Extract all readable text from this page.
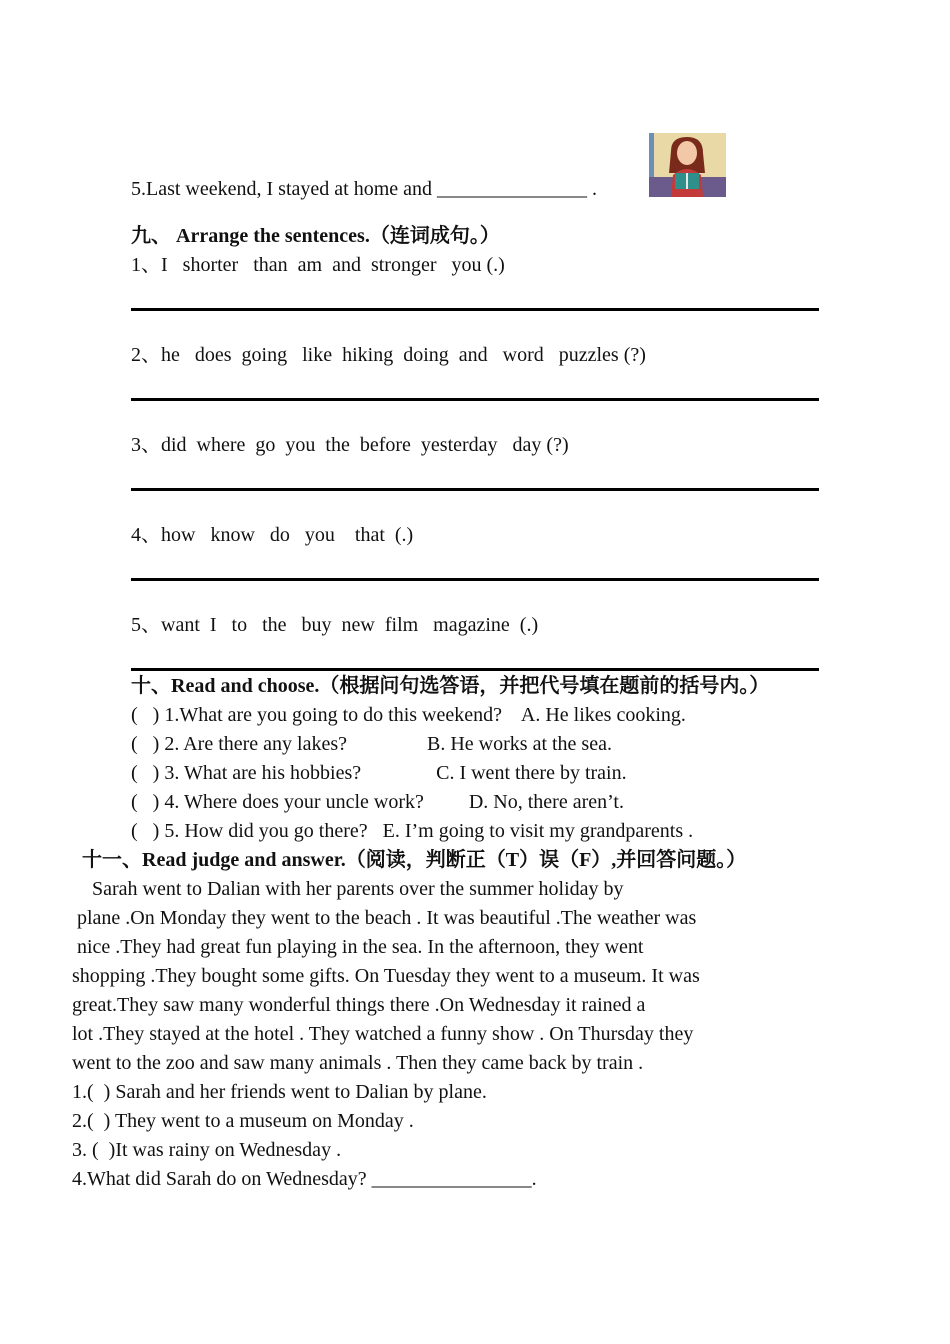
5.Last weekend, I stayed at home and _______________ .
九、 Arrange the sentences.（连词成句。）
1、I   shorter   than  am  and  stronger   you (.)
2、he   does  going   like  hiking  doing  and   word   puzzles (?)
3、did  where  go  you  the  before  yesterday   day (?)
4、how   know   do   you    that  (.)
5、want  I   to   the   buy  new  film   magazine  (.)
十、Read and choose.（根据问句选答语，并把代号填在题前的括号内。）
(   ) 1.What are you going to do this weekend?    A. He likes cooking.
(   ) 2. Are there any lakes?                B. He works at the sea.
(   ) 3. What are his hobbies?               C. I went there by train.
(   ) 4. Where does your uncle work?         D. No, there aren’t.
(   ) 5. How did you go there?   E. I’m going to visit my grandparents .
十一、Read judge and answer.（阅读，判断正（T）误（F）,并回答问题。）
Sarah went to Dalian with her parents over the summer holiday by
plane .On Monday they went to the beach . It was beautiful .The weather was
nice .They had great fun playing in the sea. In the afternoon, they went
shopping .They bought some gifts. On Tuesday they went to a museum. It was
great.They saw many wonderful things there .On Wednesday it rained a
lot .They stayed at the hotel . They watched a funny show . On Thursday they
went to the zoo and saw many animals . Then they came back by train .
1.(  ) Sarah and her friends went to Dalian by plane.
2.(  ) They went to a museum on Monday .
3. (  )It was rainy on Wednesday .
4.What did Sarah do on Wednesday? ________________.
